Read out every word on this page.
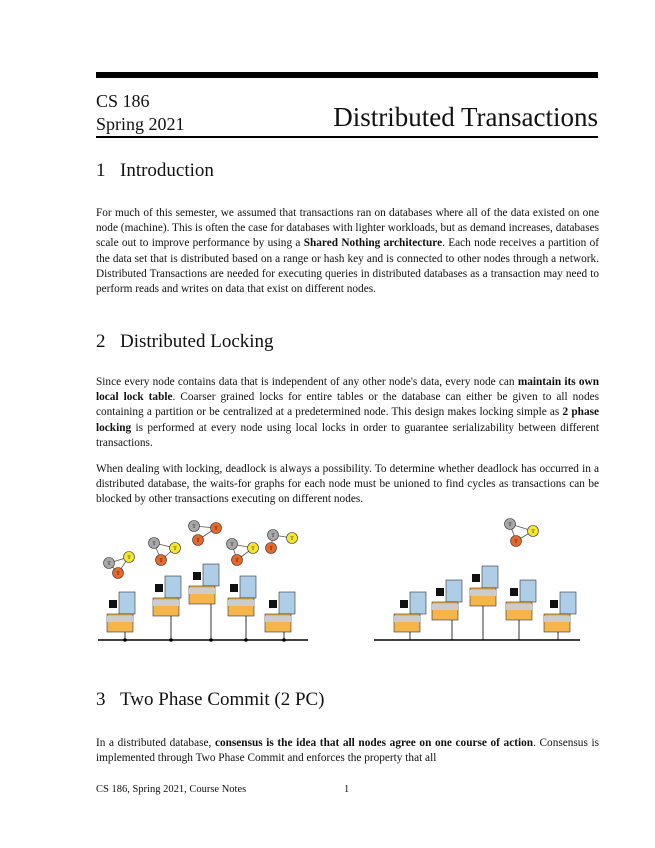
CS 186
Spring 2021	Distributed Transactions
1 Introduction
For much of this semester, we assumed that transactions ran on databases where all of the data existed on one node (machine). This is often the case for databases with lighter workloads, but as demand increases, databases scale out to improve performance by using a Shared Nothing architecture. Each node receives a partition of the data set that is distributed based on a range or hash key and is connected to other nodes through a network. Distributed Transactions are needed for executing queries in distributed databases as a transaction may need to perform reads and writes on data that exist on different nodes.
2 Distributed Locking
Since every node contains data that is independent of any other node's data, every node can maintain its own local lock table. Coarser grained locks for entire tables or the database can either be given to all nodes containing a partition or be centralized at a predetermined node. This design makes locking simple as 2 phase locking is performed at every node using local locks in order to guarantee serializability between different transactions.
When dealing with locking, deadlock is always a possibility. To determine whether deadlock has occurred in a distributed database, the waits-for graphs for each node must be unioned to find cycles as transactions can be blocked by other transactions executing on different nodes.
T
T
T
T
T
T
T	T
T
T
T
T
T
T
T
T
T
T
3 Two Phase Commit (2 PC)
In a distributed database, consensus is the idea that all nodes agree on one course of action. Consensus is implemented through Two Phase Commit and enforces the property that all
CS 186, Spring 2021, Course Notes	1
